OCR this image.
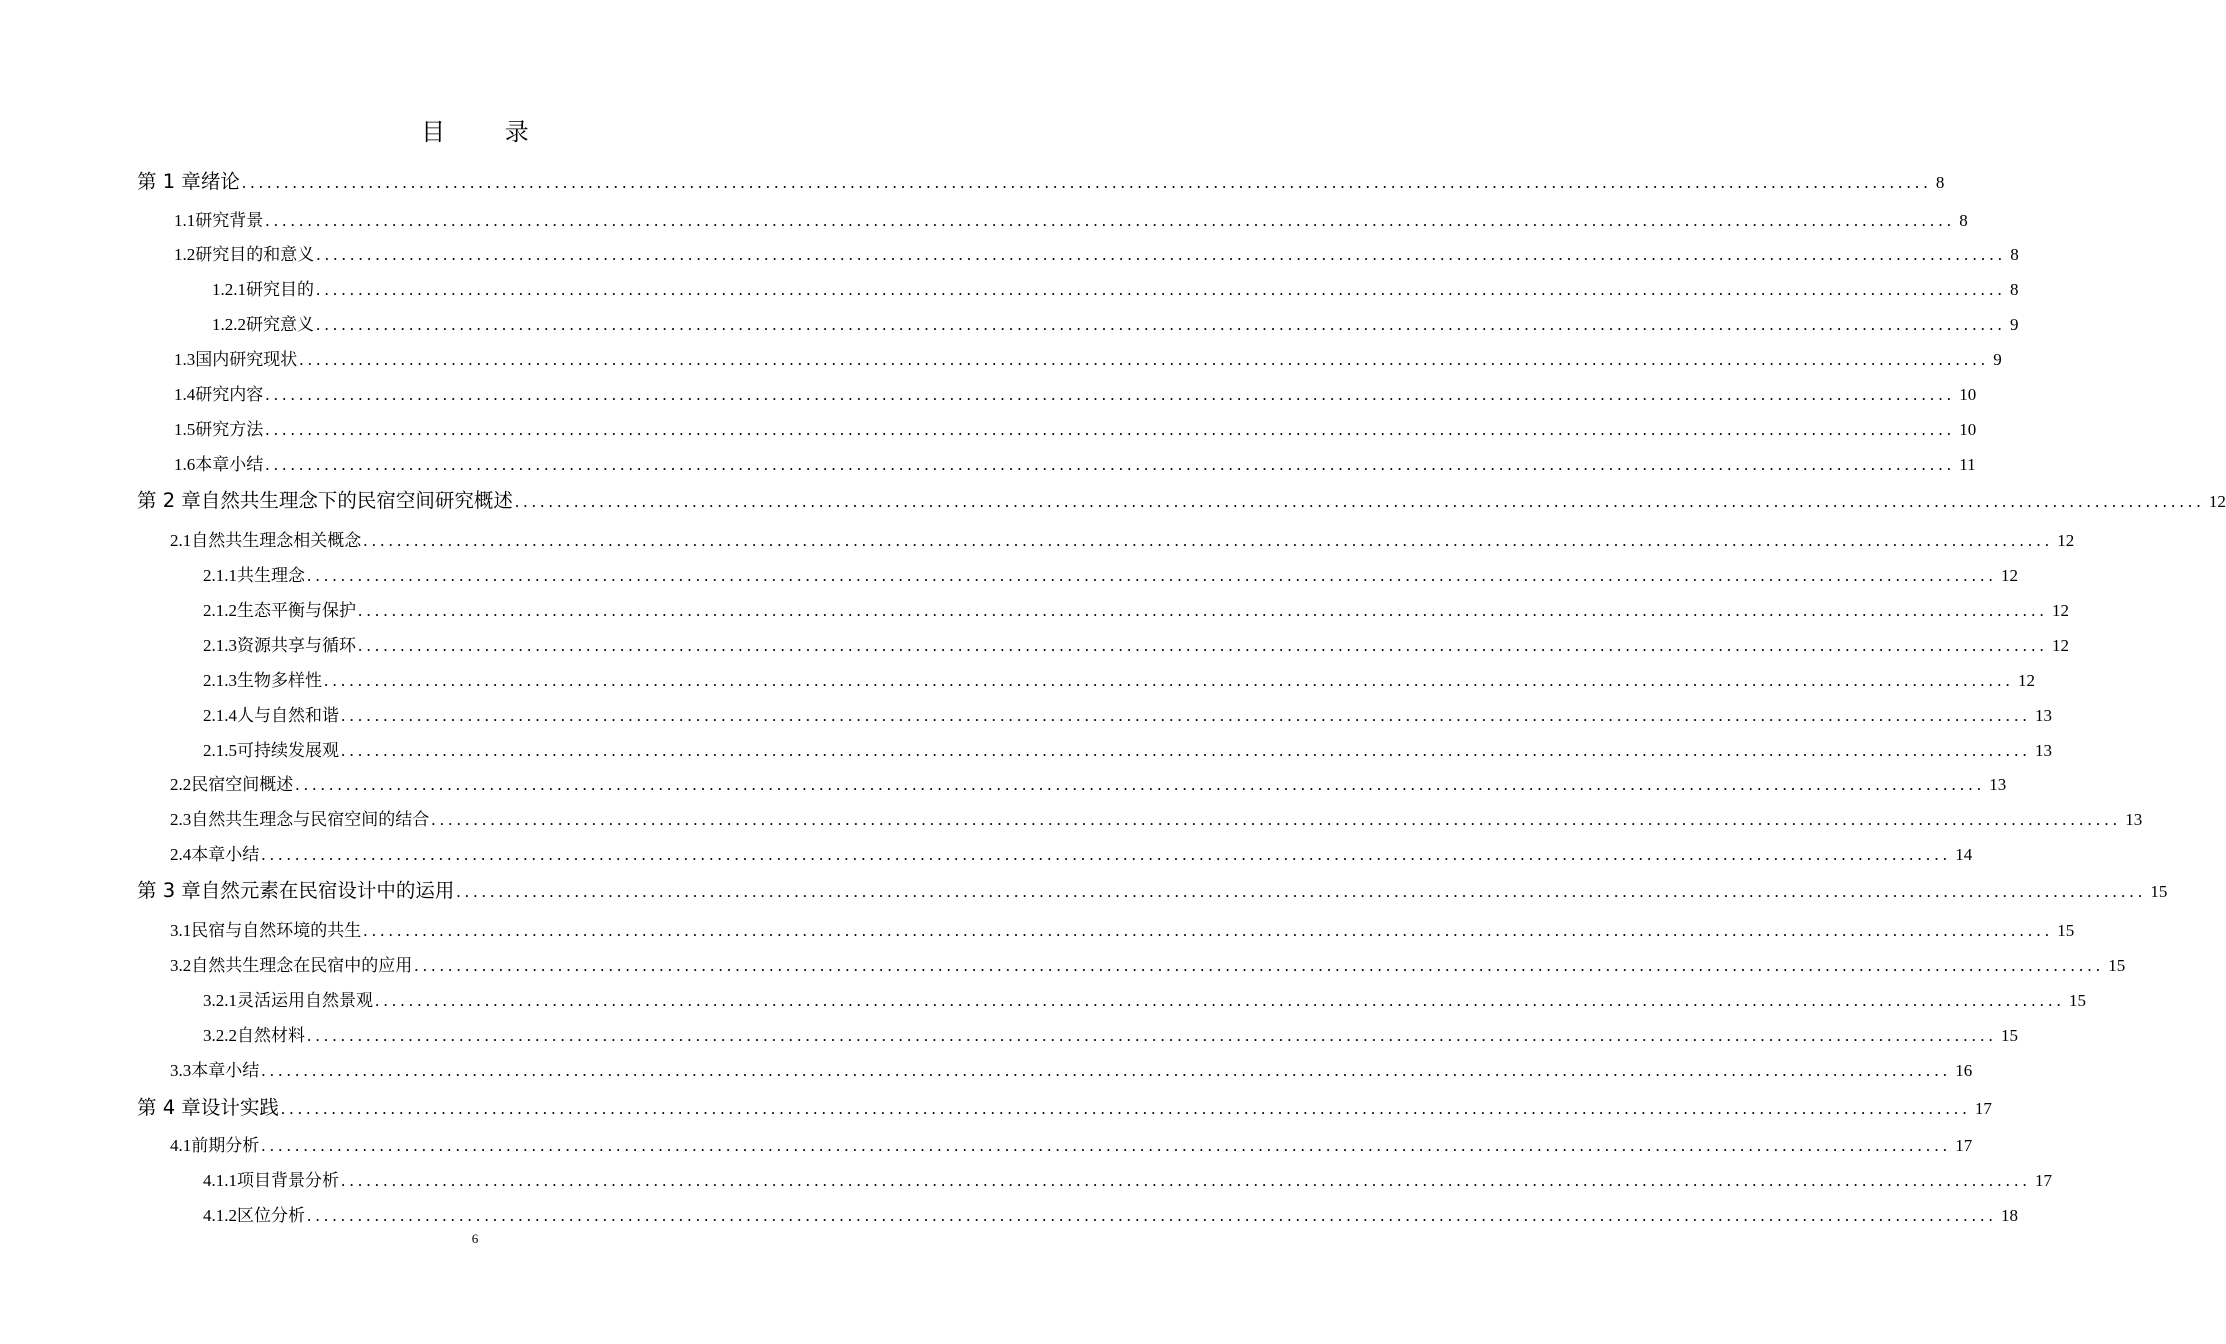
目 录
第 1 章 绪论 ........................................................................................................................................................................................................ 8
1.1 研究背景 ........................................................................................................................................................................................................ 8
1.2 研究目的和意义 ........................................................................................................................................................................................................ 8
1.2.1 研究目的 ........................................................................................................................................................................................................ 8
1.2.2 研究意义 ........................................................................................................................................................................................................ 9
1.3 国内研究现状 ........................................................................................................................................................................................................ 9
1.4 研究内容 ........................................................................................................................................................................................................ 10
1.5 研究方法 ........................................................................................................................................................................................................ 10
1.6 本章小结 ........................................................................................................................................................................................................ 11
第 2 章 自然共生理念下的民宿空间研究概述 ........................................................................................................................................................................................................ 12
2.1 自然共生理念相关概念 ........................................................................................................................................................................................................ 12
2.1.1 共生理念 ........................................................................................................................................................................................................ 12
2.1.2 生态平衡与保护 ........................................................................................................................................................................................................ 12
2.1.3 资源共享与循环 ........................................................................................................................................................................................................ 12
2.1.3 生物多样性 ........................................................................................................................................................................................................ 12
2.1.4 人与自然和谐 ........................................................................................................................................................................................................ 13
2.1.5 可持续发展观 ........................................................................................................................................................................................................ 13
2.2 民宿空间概述 ........................................................................................................................................................................................................ 13
2.3 自然共生理念与民宿空间的结合 ........................................................................................................................................................................................................ 13
2.4 本章小结 ........................................................................................................................................................................................................ 14
第 3 章 自然元素在民宿设计中的运用 ........................................................................................................................................................................................................ 15
3.1 民宿与自然环境的共生 ........................................................................................................................................................................................................ 15
3.2 自然共生理念在民宿中的应用 ........................................................................................................................................................................................................ 15
3.2.1 灵活运用自然景观 ........................................................................................................................................................................................................ 15
3.2.2 自然材料 ........................................................................................................................................................................................................ 15
3.3 本章小结 ........................................................................................................................................................................................................ 16
第 4 章 设计实践 ........................................................................................................................................................................................................ 17
4.1 前期分析 ........................................................................................................................................................................................................ 17
4.1.1 项目背景分析 ........................................................................................................................................................................................................ 17
4.1.2 区位分析 ........................................................................................................................................................................................................ 18
6
